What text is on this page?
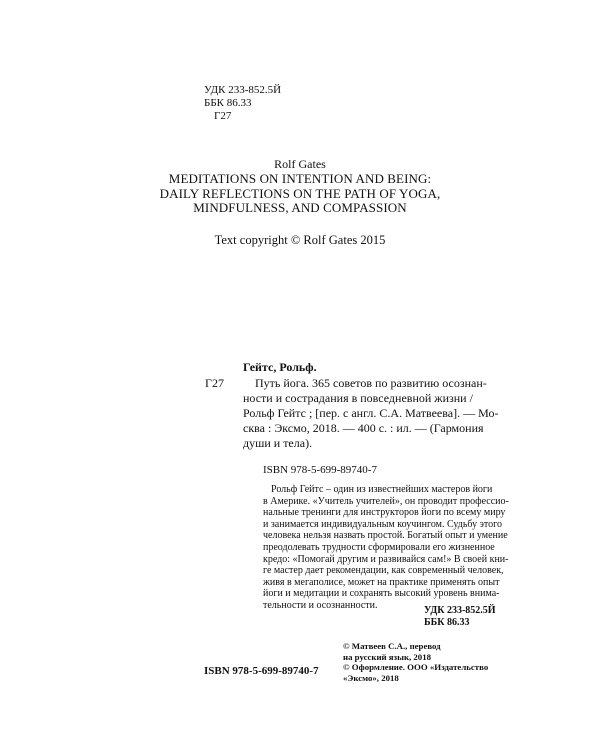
УДК 233-852.5Й
ББК 86.33
Г27
Rolf Gates
MEDITATIONS ON INTENTION AND BEING:
DAILY REFLECTIONS ON THE PATH OF YOGA,
MINDFULNESS, AND COMPASSION
Text copyright © Rolf Gates 2015
Гейтс, Рольф.
Г27	Путь йога. 365 советов по развитию осознан-
ности и сострадания в повседневной жизни /
Рольф Гейтс ; [пер. с англ. С.А. Матвеева]. — Мо-
сква : Эксмо, 2018. — 400 с. : ил. — (Гармония
души и тела).
ISBN 978-5-699-89740-7
Рольф Гейтс – один из известнейших мастеров йоги
в Америке. «Учитель учителей», он проводит профессио-
нальные тренинги для инструкторов йоги по всему миру
и занимается индивидуальным коучингом. Судьбу этого
человека нельзя назвать простой. Богатый опыт и умение
преодолевать трудности сформировали его жизненное
кредо: «Помогай другим и развивайся сам!» В своей кни-
ге мастер дает рекомендации, как современный человек,
живя в мегаполисе, может на практике применять опыт
йоги и медитации и сохранять высокий уровень внима-
тельности и осознанности.	УДК 233-852.5Й
ББК 86.33
© Матвеев С.А., перевод
на русский язык, 2018
© Оформление. ООО «Издательство
«Эксмо», 2018
ISBN 978-5-699-89740-7
